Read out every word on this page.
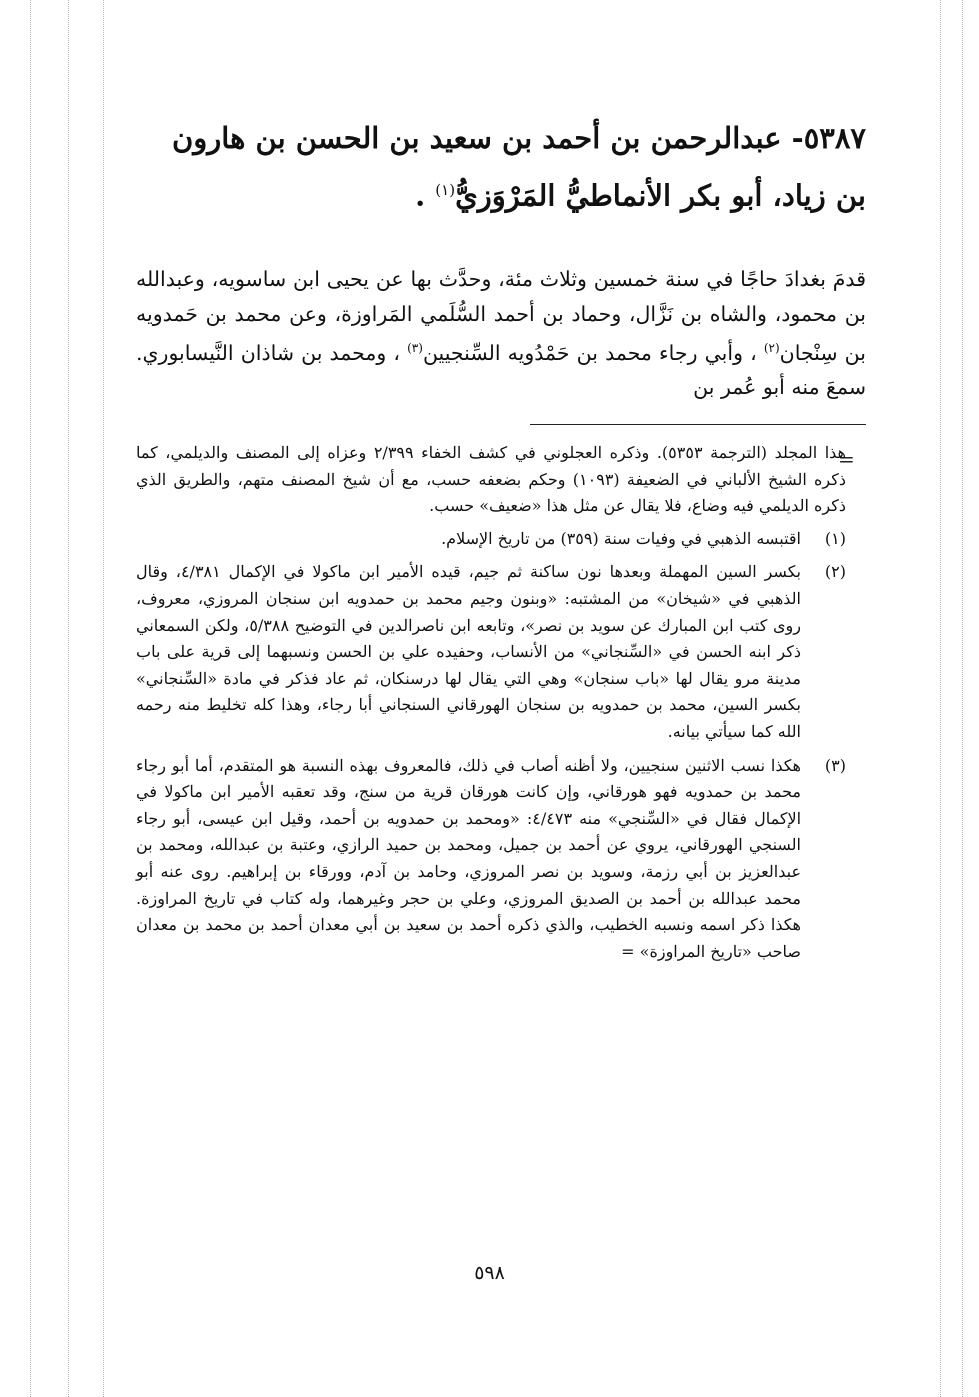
٥٣٨٧- عبدالرحمن بن أحمد بن سعيد بن الحسن بن هارون بن زياد، أبو بكر الأنماطيُّ المَرْوَزيُّ$^{(١)}$ .

قدمَ بغدادَ حاجًا في سنة خمسين وثلاث مئة، وحدَّث بها عن يحيى ابن ساسويه، وعبدالله بن محمود، والشاه بن نَزَّال، وحماد بن أحمد السُّلَمي المَراوزة، وعن محمد بن حَمدويه بن سِنْجان$^{(٢)}$ ، وأبي رجاء محمد بن حَمْدُويه السِّنجيين$^{(٣)}$ ، ومحمد بن شاذان النَّيسابوري. سمعَ منه أبو عُمر بن

=

هذا المجلد (الترجمة ٥٣٥٣). وذكره العجلوني في كشف الخفاء ٢/٣٩٩ وعزاه إلى المصنف والديلمي، كما ذكره الشيخ الألباني في الضعيفة (١٠٩٣) وحكم بضعفه حسب، مع أن شيخ المصنف متهم، والطريق الذي ذكره الديلمي فيه وضاع، فلا يقال عن مثل هذا «ضعيف» حسب.

(١)

اقتبسه الذهبي في وفيات سنة (٣٥٩) من تاريخ الإسلام.

(٢)

بكسر السين المهملة وبعدها نون ساكنة ثم جيم، قيده الأمير ابن ماكولا في الإكمال ٤/٣٨١، وقال الذهبي في «شيخان» من المشتبه: «وبنون وجيم محمد بن حمدويه ابن سنجان المروزي، معروف، روى كتب ابن المبارك عن سويد بن نصر»، وتابعه ابن ناصرالدين في التوضيح ٥/٣٨٨، ولكن السمعاني ذكر ابنه الحسن في «السِّنجاني» من الأنساب، وحفيده علي بن الحسن ونسبهما إلى قرية على باب مدينة مرو يقال لها «باب سنجان» وهي التي يقال لها درسنكان، ثم عاد فذكر في مادة «السِّنجاني» بكسر السين، محمد بن حمدويه بن سنجان الهورقاني السنجاني أبا رجاء، وهذا كله تخليط منه رحمه الله كما سيأتي بيانه.

(٣)

هكذا نسب الاثنين سنجيين، ولا أظنه أصاب في ذلك، فالمعروف بهذه النسبة هو المتقدم، أما أبو رجاء محمد بن حمدويه فهو هورقاني، وإن كانت هورقان قرية من سنج، وقد تعقبه الأمير ابن ماكولا في الإكمال فقال في «السِّنجي» منه ٤/٤٧٣: «ومحمد بن حمدويه بن أحمد، وقيل ابن عيسى، أبو رجاء السنجي الهورقاني، يروي عن أحمد بن جميل، ومحمد بن حميد الرازي، وعتبة بن عبدالله، ومحمد بن عبدالعزيز بن أبي رزمة، وسويد بن نصر المروزي، وحامد بن آدم، وورقاء بن إبراهيم. روى عنه أبو محمد عبدالله بن أحمد بن الصديق المروزي، وعلي بن حجر وغيرهما، وله كتاب في تاريخ المراوزة. هكذا ذكر اسمه ونسبه الخطيب، والذي ذكره أحمد بن سعيد بن أبي معدان أحمد بن محمد بن معدان صاحب «تاريخ المراوزة» =

٥٩٨
